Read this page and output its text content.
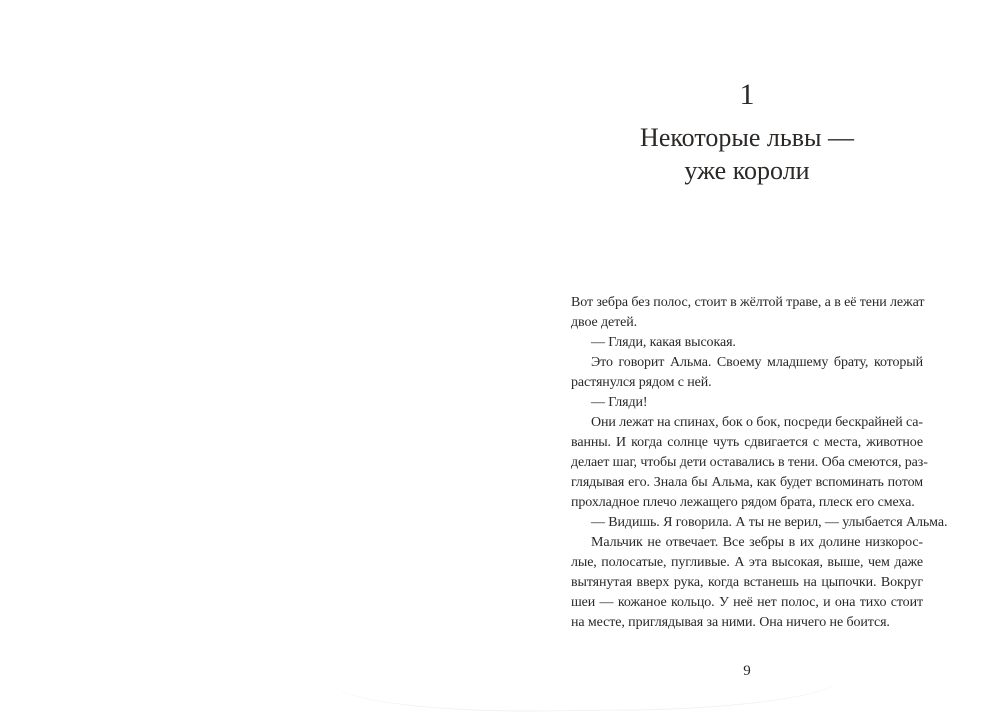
1
Некоторые львы —
уже короли
Вот зебра без полос, стоит в жёлтой траве, а в её тени лежат
двое детей.
— Гляди, какая высокая.
Это говорит Альма. Своему младшему брату, который
растянулся рядом с ней.
— Гляди!
Они лежат на спинах, бок о бок, посреди бескрайней са-
ванны. И когда солнце чуть сдвигается с места, животное
делает шаг, чтобы дети оставались в тени. Оба смеются, раз-
глядывая его. Знала бы Альма, как будет вспоминать потом
прохладное плечо лежащего рядом брата, плеск его смеха.
— Видишь. Я говорила. А ты не верил, — улыбается Альма.
Мальчик не отвечает. Все зебры в их долине низкорос-
лые, полосатые, пугливые. А эта высокая, выше, чем даже
вытянутая вверх рука, когда встанешь на цыпочки. Вокруг
шеи — кожаное кольцо. У неё нет полос, и она тихо стоит
на месте, приглядывая за ними. Она ничего не боится.
9
